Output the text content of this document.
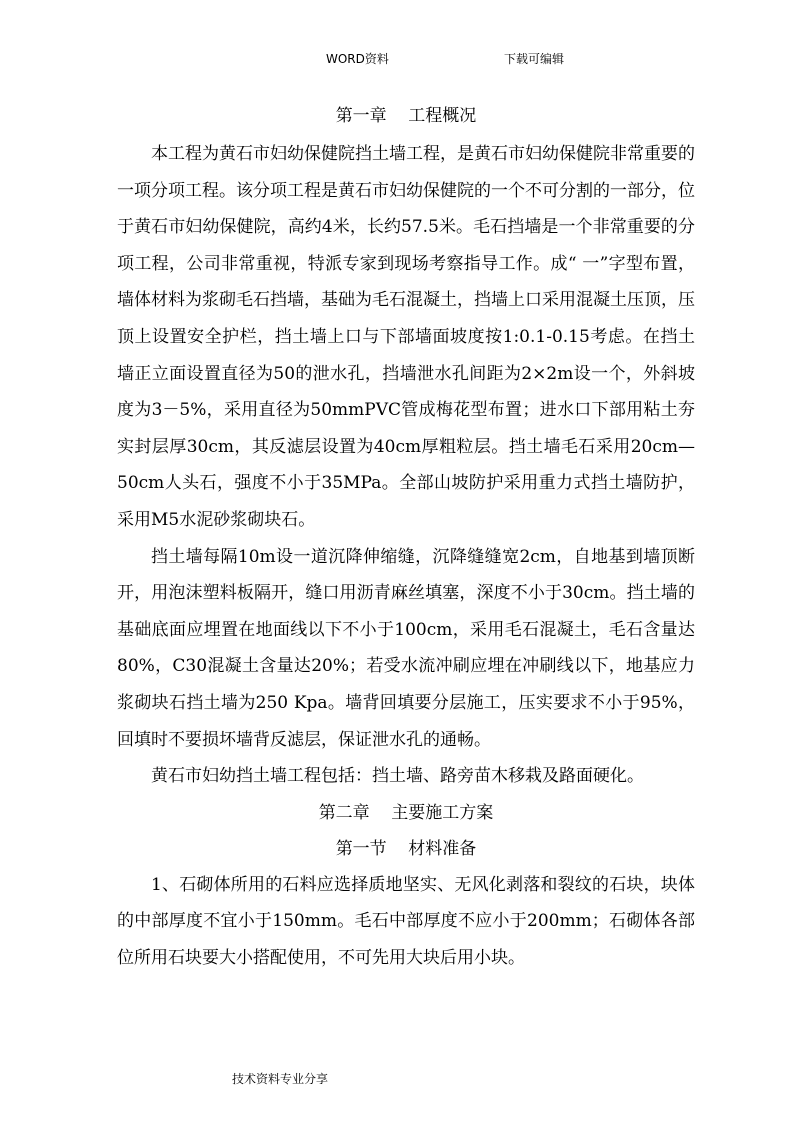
WORD资料	下载可编辑
第一章    工程概况

本工程为黄石市妇幼保健院挡土墙工程，是黄石市妇幼保健院非常重要的一项分项工程。该分项工程是黄石市妇幼保健院的一个不可分割的一部分，位于黄石市妇幼保健院，高约4米，长约57.5米。毛石挡墙是一个非常重要的分项工程，公司非常重视，特派专家到现场考察指导工作。成“ 一”字型布置，墙体材料为浆砌毛石挡墙，基础为毛石混凝土，挡墙上口采用混凝土压顶，压顶上设置安全护栏，挡土墙上口与下部墙面坡度按1:0.1-0.15考虑。在挡土墙正立面设置直径为50的泄水孔，挡墙泄水孔间距为2×2m设一个，外斜坡度为3－5%，采用直径为50mmPVC管成梅花型布置；进水口下部用粘土夯实封层厚30cm，其反滤层设置为40cm厚粗粒层。挡土墙毛石采用20cm—50cm人头石，强度不小于35MPa。全部山坡防护采用重力式挡土墙防护，采用M5水泥砂浆砌块石。

挡土墙每隔10m设一道沉降伸缩缝，沉降缝缝宽2cm，自地基到墙顶断开，用泡沫塑料板隔开，缝口用沥青麻丝填塞，深度不小于30cm。挡土墙的基础底面应埋置在地面线以下不小于100cm，采用毛石混凝土，毛石含量达80%，C30混凝土含量达20%；若受水流冲刷应埋在冲刷线以下，地基应力浆砌块石挡土墙为250 Kpa。墙背回填要分层施工，压实要求不小于95%，回填时不要损坏墙背反滤层，保证泄水孔的通畅。

黄石市妇幼挡土墙工程包括：挡土墙、路旁苗木移栽及路面硬化。

第二章    主要施工方案
第一节    材料准备

1、石砌体所用的石料应选择质地坚实、无风化剥落和裂纹的石块，块体的中部厚度不宜小于150mm。毛石中部厚度不应小于200mm；石砌体各部位所用石块要大小搭配使用，不可先用大块后用小块。

技术资料专业分享
